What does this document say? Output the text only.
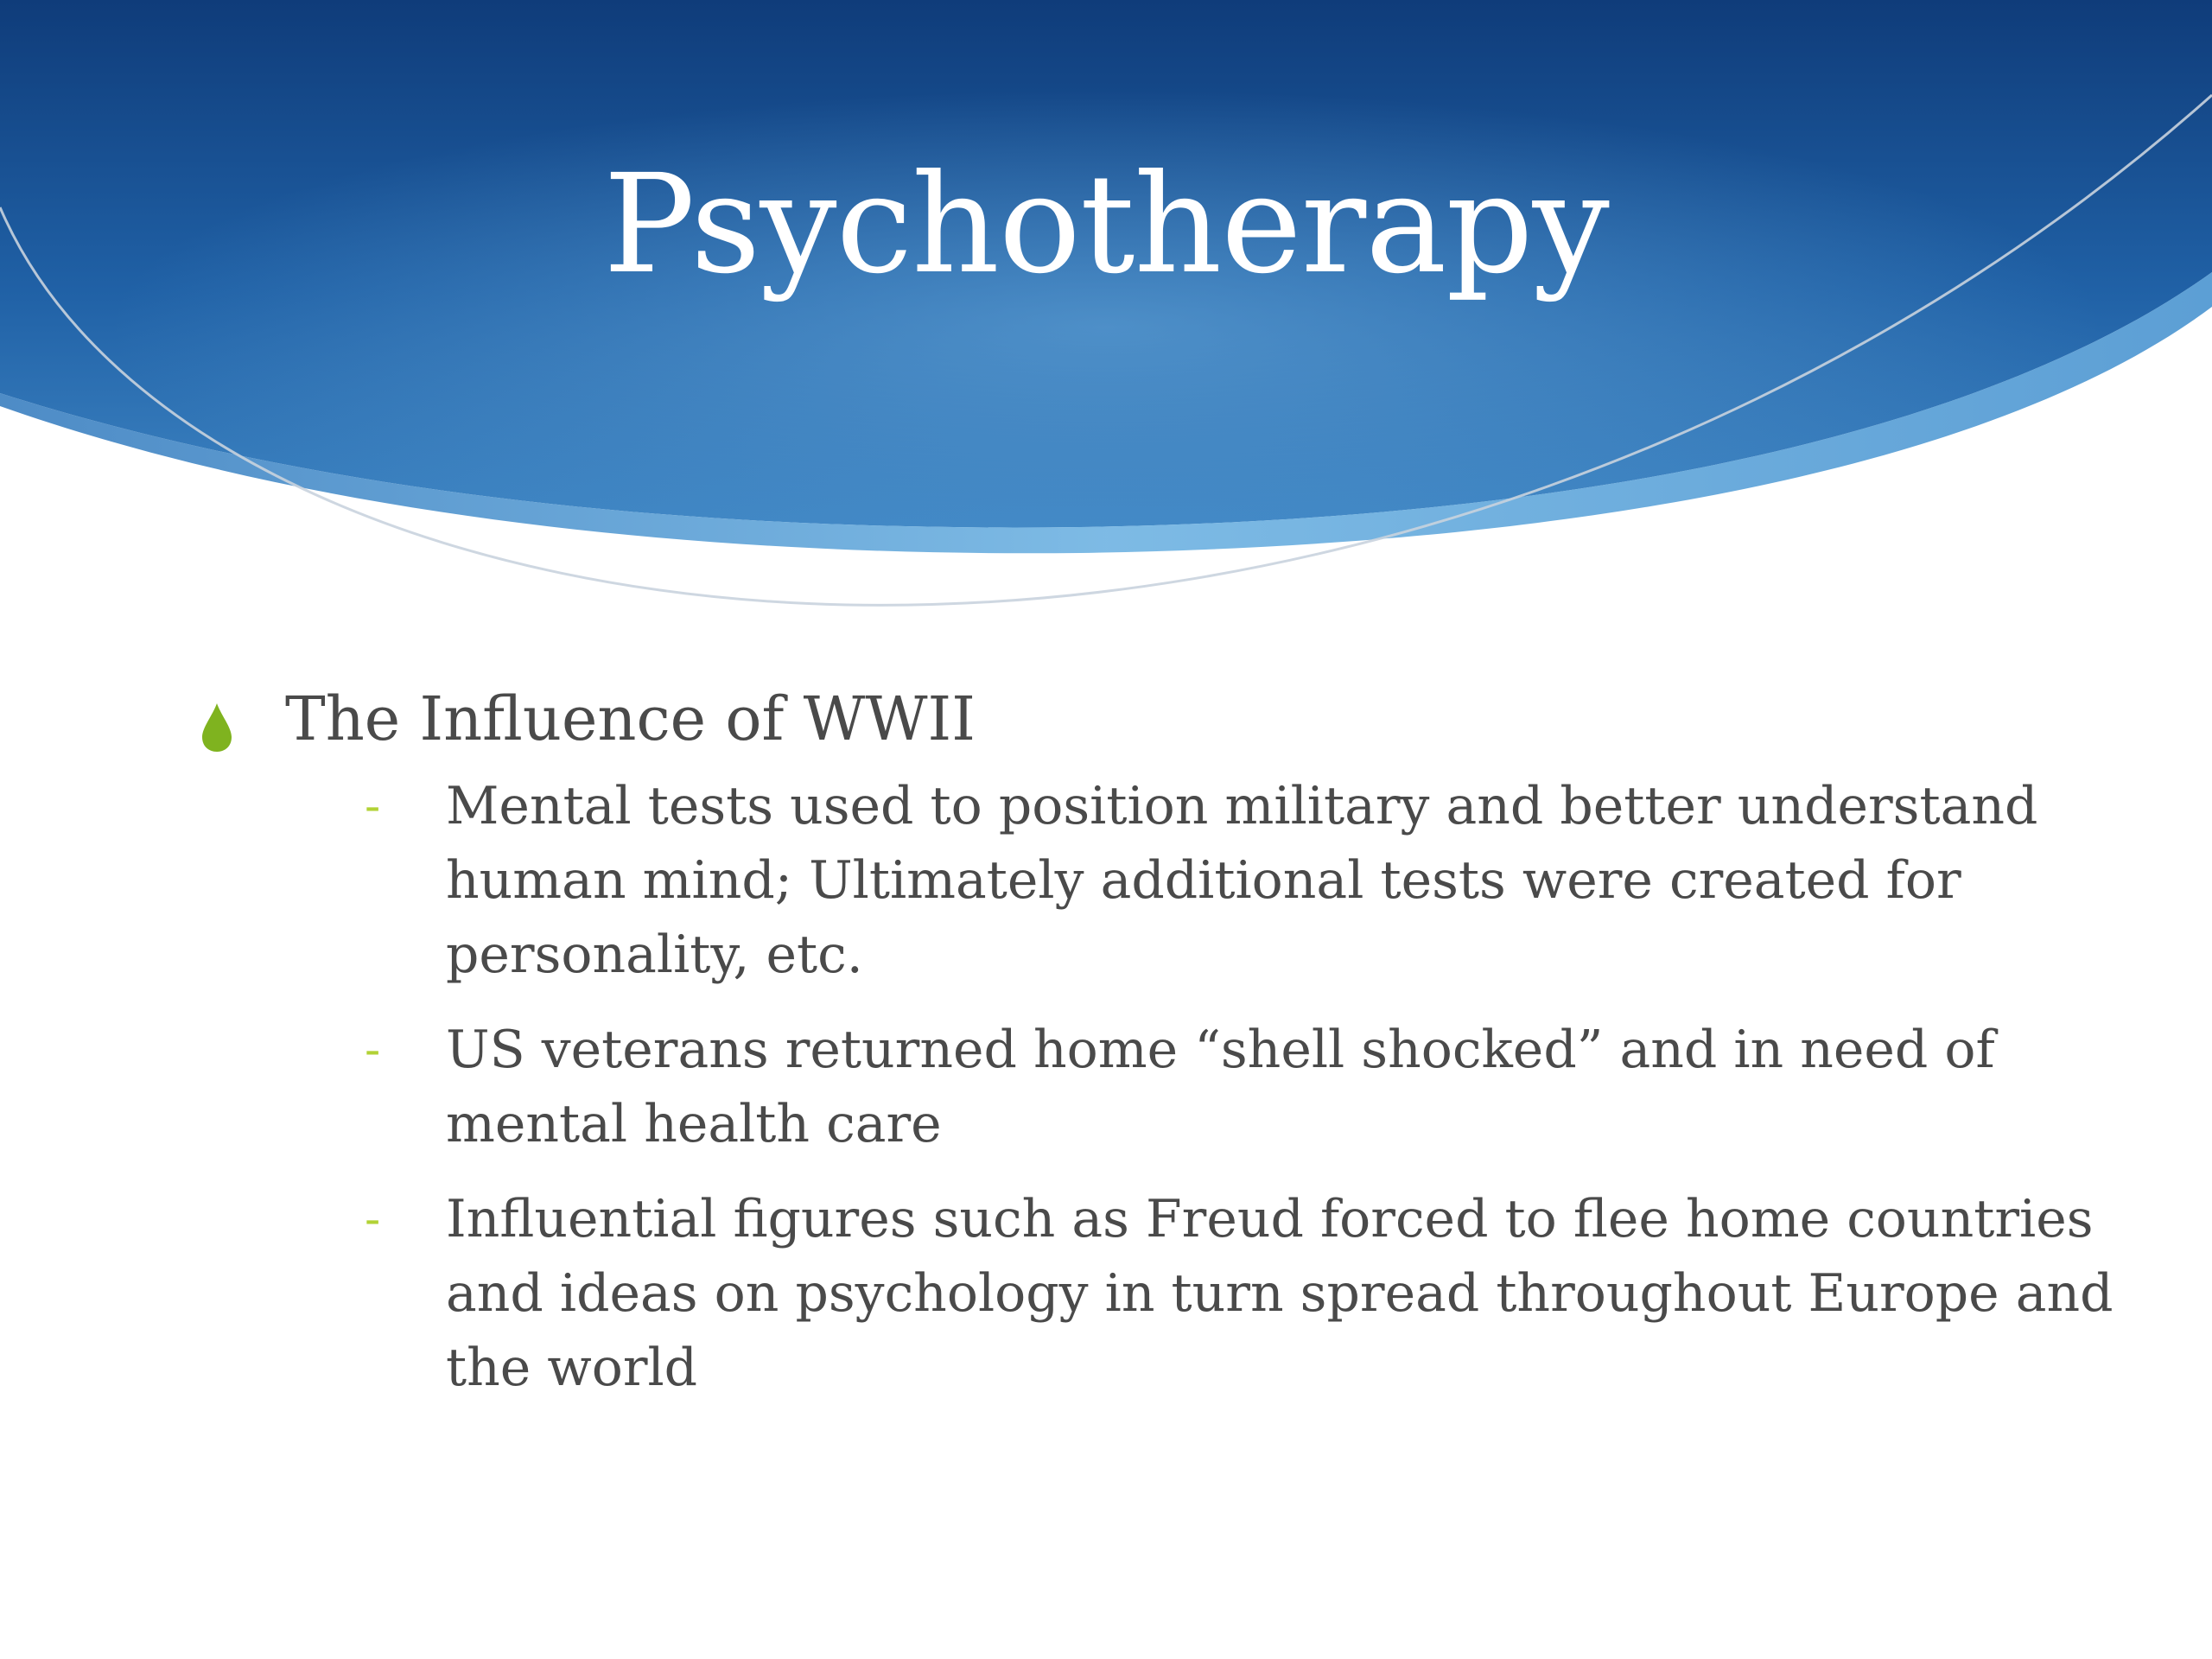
Psychotherapy
The Influence of WWII
-	Mental tests used to position military and better understand human mind; Ultimately additional tests were created for personality, etc.
-	US veterans returned home “shell shocked” and in need of mental health care
-	Influential figures such as Freud forced to flee home countries and ideas on psychology in turn spread throughout Europe and the world
